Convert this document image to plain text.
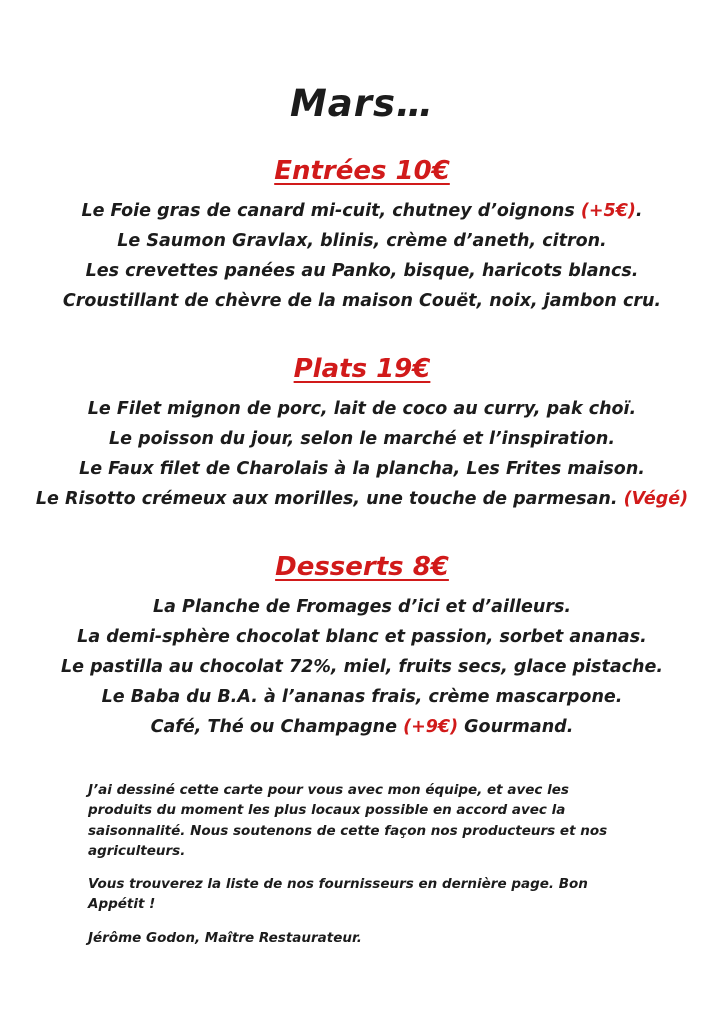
Mars…
Entrées 10€
Le Foie gras de canard mi-cuit, chutney d’oignons (+5€).
Le Saumon Gravlax, blinis, crème d’aneth, citron.
Les crevettes panées au Panko, bisque, haricots blancs.
Croustillant de chèvre de la maison Couët, noix, jambon cru.
Plats 19€
Le Filet mignon de porc, lait de coco au curry, pak choï.
Le poisson du jour, selon le marché et l’inspiration.
Le Faux filet de Charolais à la plancha, Les Frites maison.
Le Risotto crémeux aux morilles, une touche de parmesan. (Végé)
Desserts 8€
La Planche de Fromages d’ici et d’ailleurs.
La demi-sphère chocolat blanc et passion, sorbet ananas.
Le pastilla au chocolat 72%, miel, fruits secs, glace pistache.
Le Baba du B.A. à l’ananas frais, crème mascarpone.
Café, Thé ou Champagne (+9€) Gourmand.

J’ai dessiné cette carte pour vous avec mon équipe, et avec les produits du moment les plus locaux possible en accord avec la saisonnalité. Nous soutenons de cette façon nos producteurs et nos agriculteurs.

Vous trouverez la liste de nos fournisseurs en dernière page. Bon Appétit !

Jérôme Godon, Maître Restaurateur.
